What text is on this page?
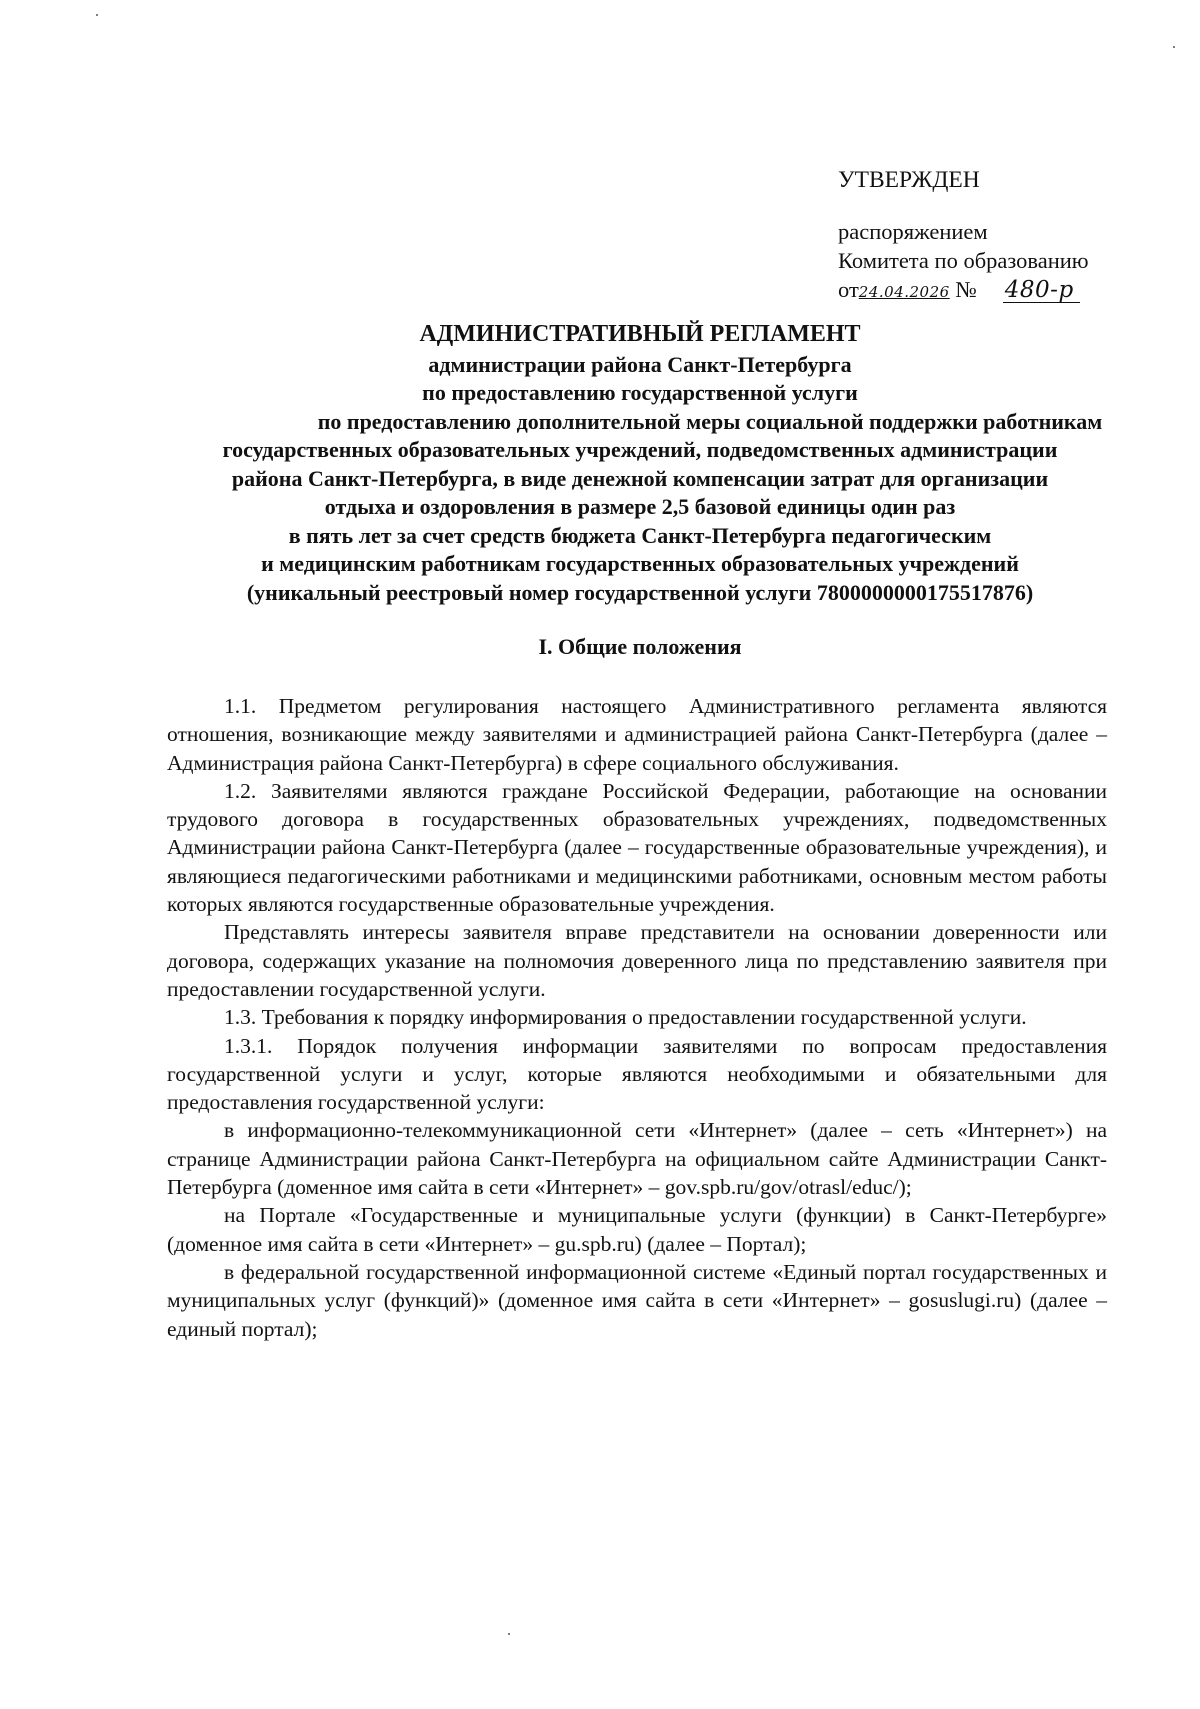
УТВЕРЖДЕН
распоряжением
Комитета по образованию
от24.04.2026 № 480-р
АДМИНИСТРАТИВНЫЙ РЕГЛАМЕНТ
администрации района Санкт-Петербурга
по предоставлению государственной услуги
по предоставлению дополнительной меры социальной поддержки работникам
государственных образовательных учреждений, подведомственных администрации
района Санкт-Петербурга, в виде денежной компенсации затрат для организации
отдыха и оздоровления в размере 2,5 базовой единицы один раз
в пять лет за счет средств бюджета Санкт-Петербурга педагогическим
и медицинским работникам государственных образовательных учреждений
(уникальный реестровый номер государственной услуги 7800000000175517876)
I. Общие положения

1.1. Предметом регулирования настоящего Административного регламента являются отношения, возникающие между заявителями и администрацией района Санкт-Петербурга (далее – Администрация района Санкт-Петербурга) в сфере социального обслуживания.

1.2. Заявителями являются граждане Российской Федерации, работающие на основании трудового договора в государственных образовательных учреждениях, подведомственных Администрации района Санкт-Петербурга (далее – государственные образовательные учреждения), и являющиеся педагогическими работниками и медицинскими работниками, основным местом работы которых являются государственные образовательные учреждения.

Представлять интересы заявителя вправе представители на основании доверенности или договора, содержащих указание на полномочия доверенного лица по представлению заявителя при предоставлении государственной услуги.

1.3. Требования к порядку информирования о предоставлении государственной услуги.

1.3.1. Порядок получения информации заявителями по вопросам предоставления государственной услуги и услуг, которые являются необходимыми и обязательными для предоставления государственной услуги:

в информационно-телекоммуникационной сети «Интернет» (далее – сеть «Интернет») на странице Администрации района Санкт-Петербурга на официальном сайте Администрации Санкт-Петербурга (доменное имя сайта в сети «Интернет» – gov.spb.ru/gov/otrasl/educ/);

на Портале «Государственные и муниципальные услуги (функции) в Санкт-Петербурге» (доменное имя сайта в сети «Интернет» – gu.spb.ru) (далее – Портал);

в федеральной государственной информационной системе «Единый портал государственных и муниципальных услуг (функций)» (доменное имя сайта в сети «Интернет» – gosuslugi.ru) (далее – единый портал);
